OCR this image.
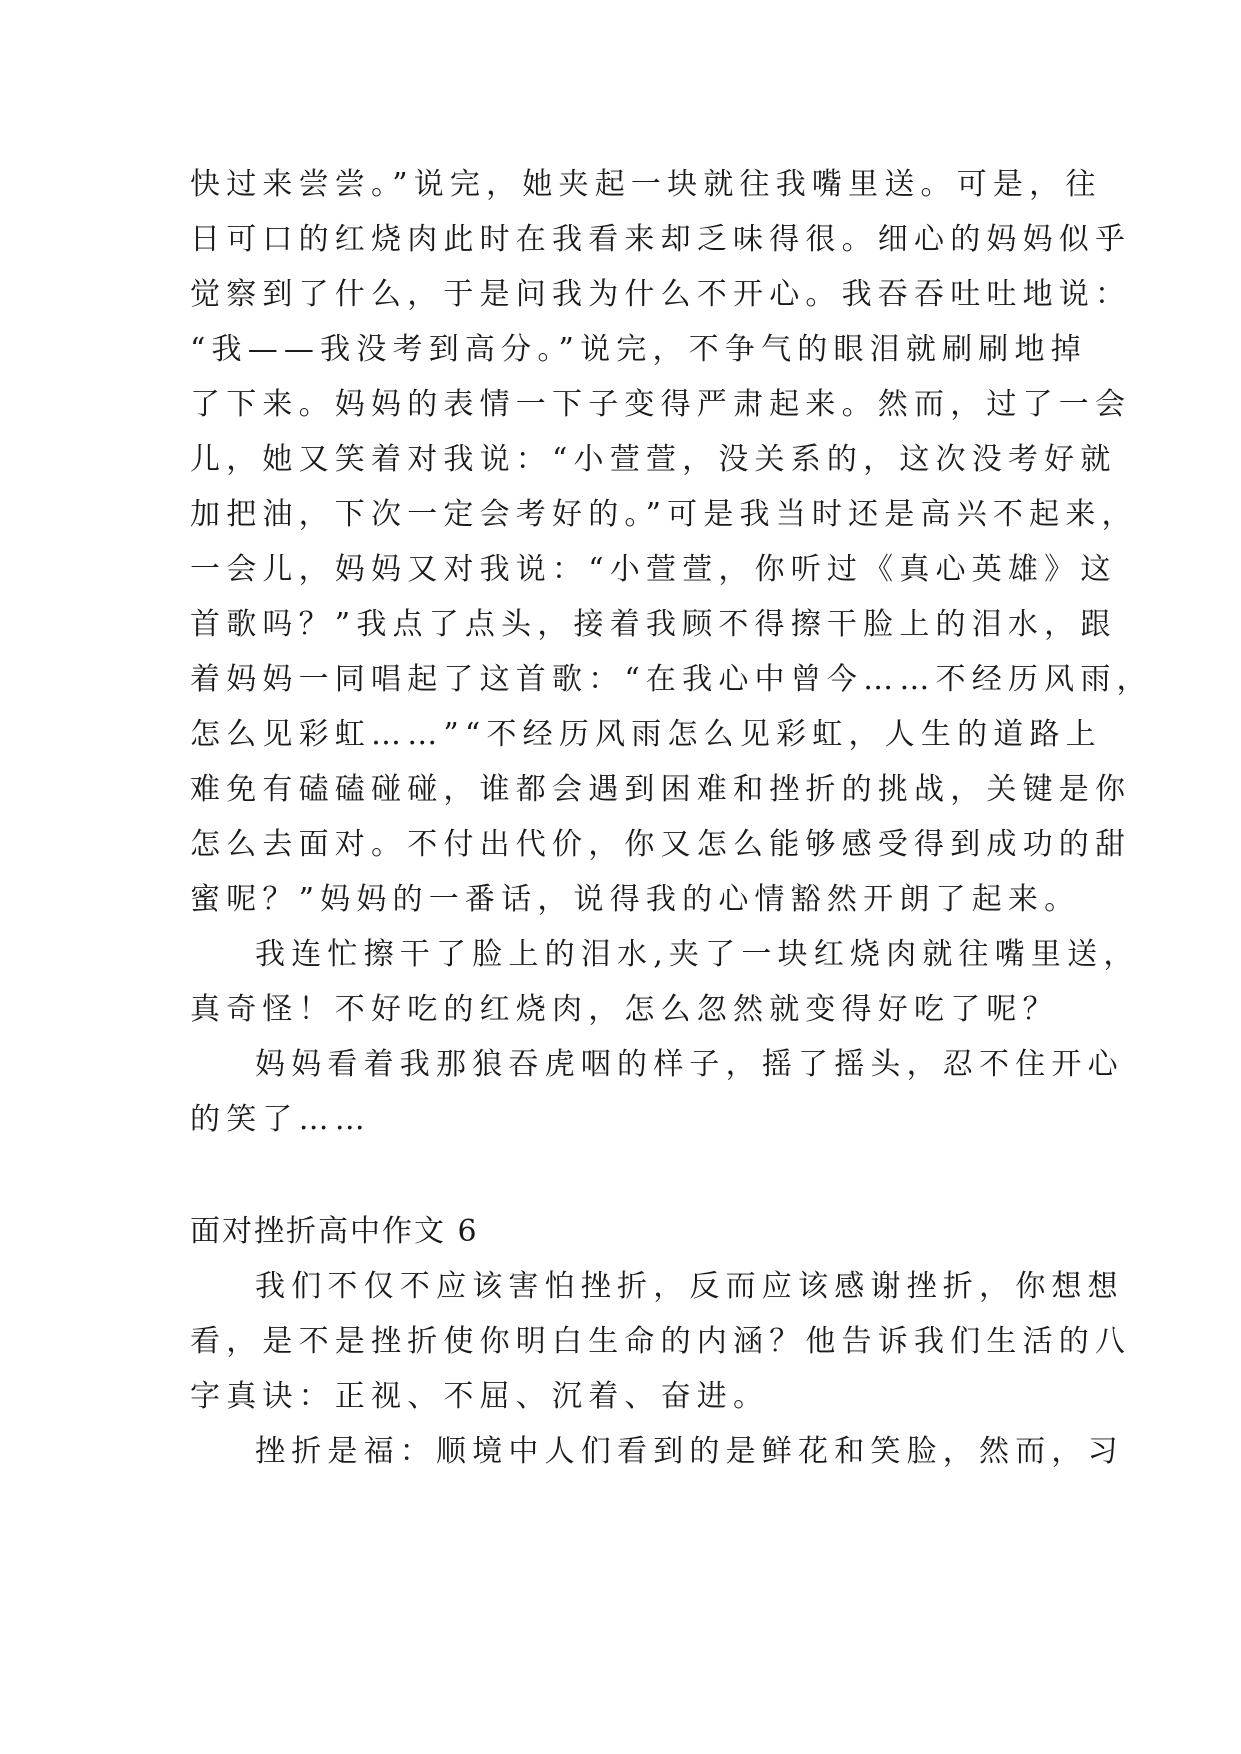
快过来尝尝。”说完，她夹起一块就往我嘴里送。可是，往
日可口的红烧肉此时在我看来却乏味得很。细心的妈妈似乎
觉察到了什么，于是问我为什么不开心。我吞吞吐吐地说：
“我——我没考到高分。”说完，不争气的眼泪就刷刷地掉
了下来。妈妈的表情一下子变得严肃起来。然而，过了一会
儿，她又笑着对我说：“小萱萱，没关系的，这次没考好就
加把油，下次一定会考好的。”可是我当时还是高兴不起来，
一会儿，妈妈又对我说：“小萱萱，你听过《真心英雄》这
首歌吗？”我点了点头，接着我顾不得擦干脸上的泪水，跟
着妈妈一同唱起了这首歌：“在我心中曾今……不经历风雨，
怎么见彩虹……”“不经历风雨怎么见彩虹，人生的道路上
难免有磕磕碰碰，谁都会遇到困难和挫折的挑战，关键是你
怎么去面对。不付出代价，你又怎么能够感受得到成功的甜
蜜呢？”妈妈的一番话，说得我的心情豁然开朗了起来。
我连忙擦干了脸上的泪水,夹了一块红烧肉就往嘴里送，
真奇怪！不好吃的红烧肉，怎么忽然就变得好吃了呢？
妈妈看着我那狼吞虎咽的样子，摇了摇头，忍不住开心
的笑了……
面对挫折高中作文 6
我们不仅不应该害怕挫折，反而应该感谢挫折，你想想
看，是不是挫折使你明白生命的内涵？他告诉我们生活的八
字真诀：正视、不屈、沉着、奋进。
挫折是福：顺境中人们看到的是鲜花和笑脸，然而，习
